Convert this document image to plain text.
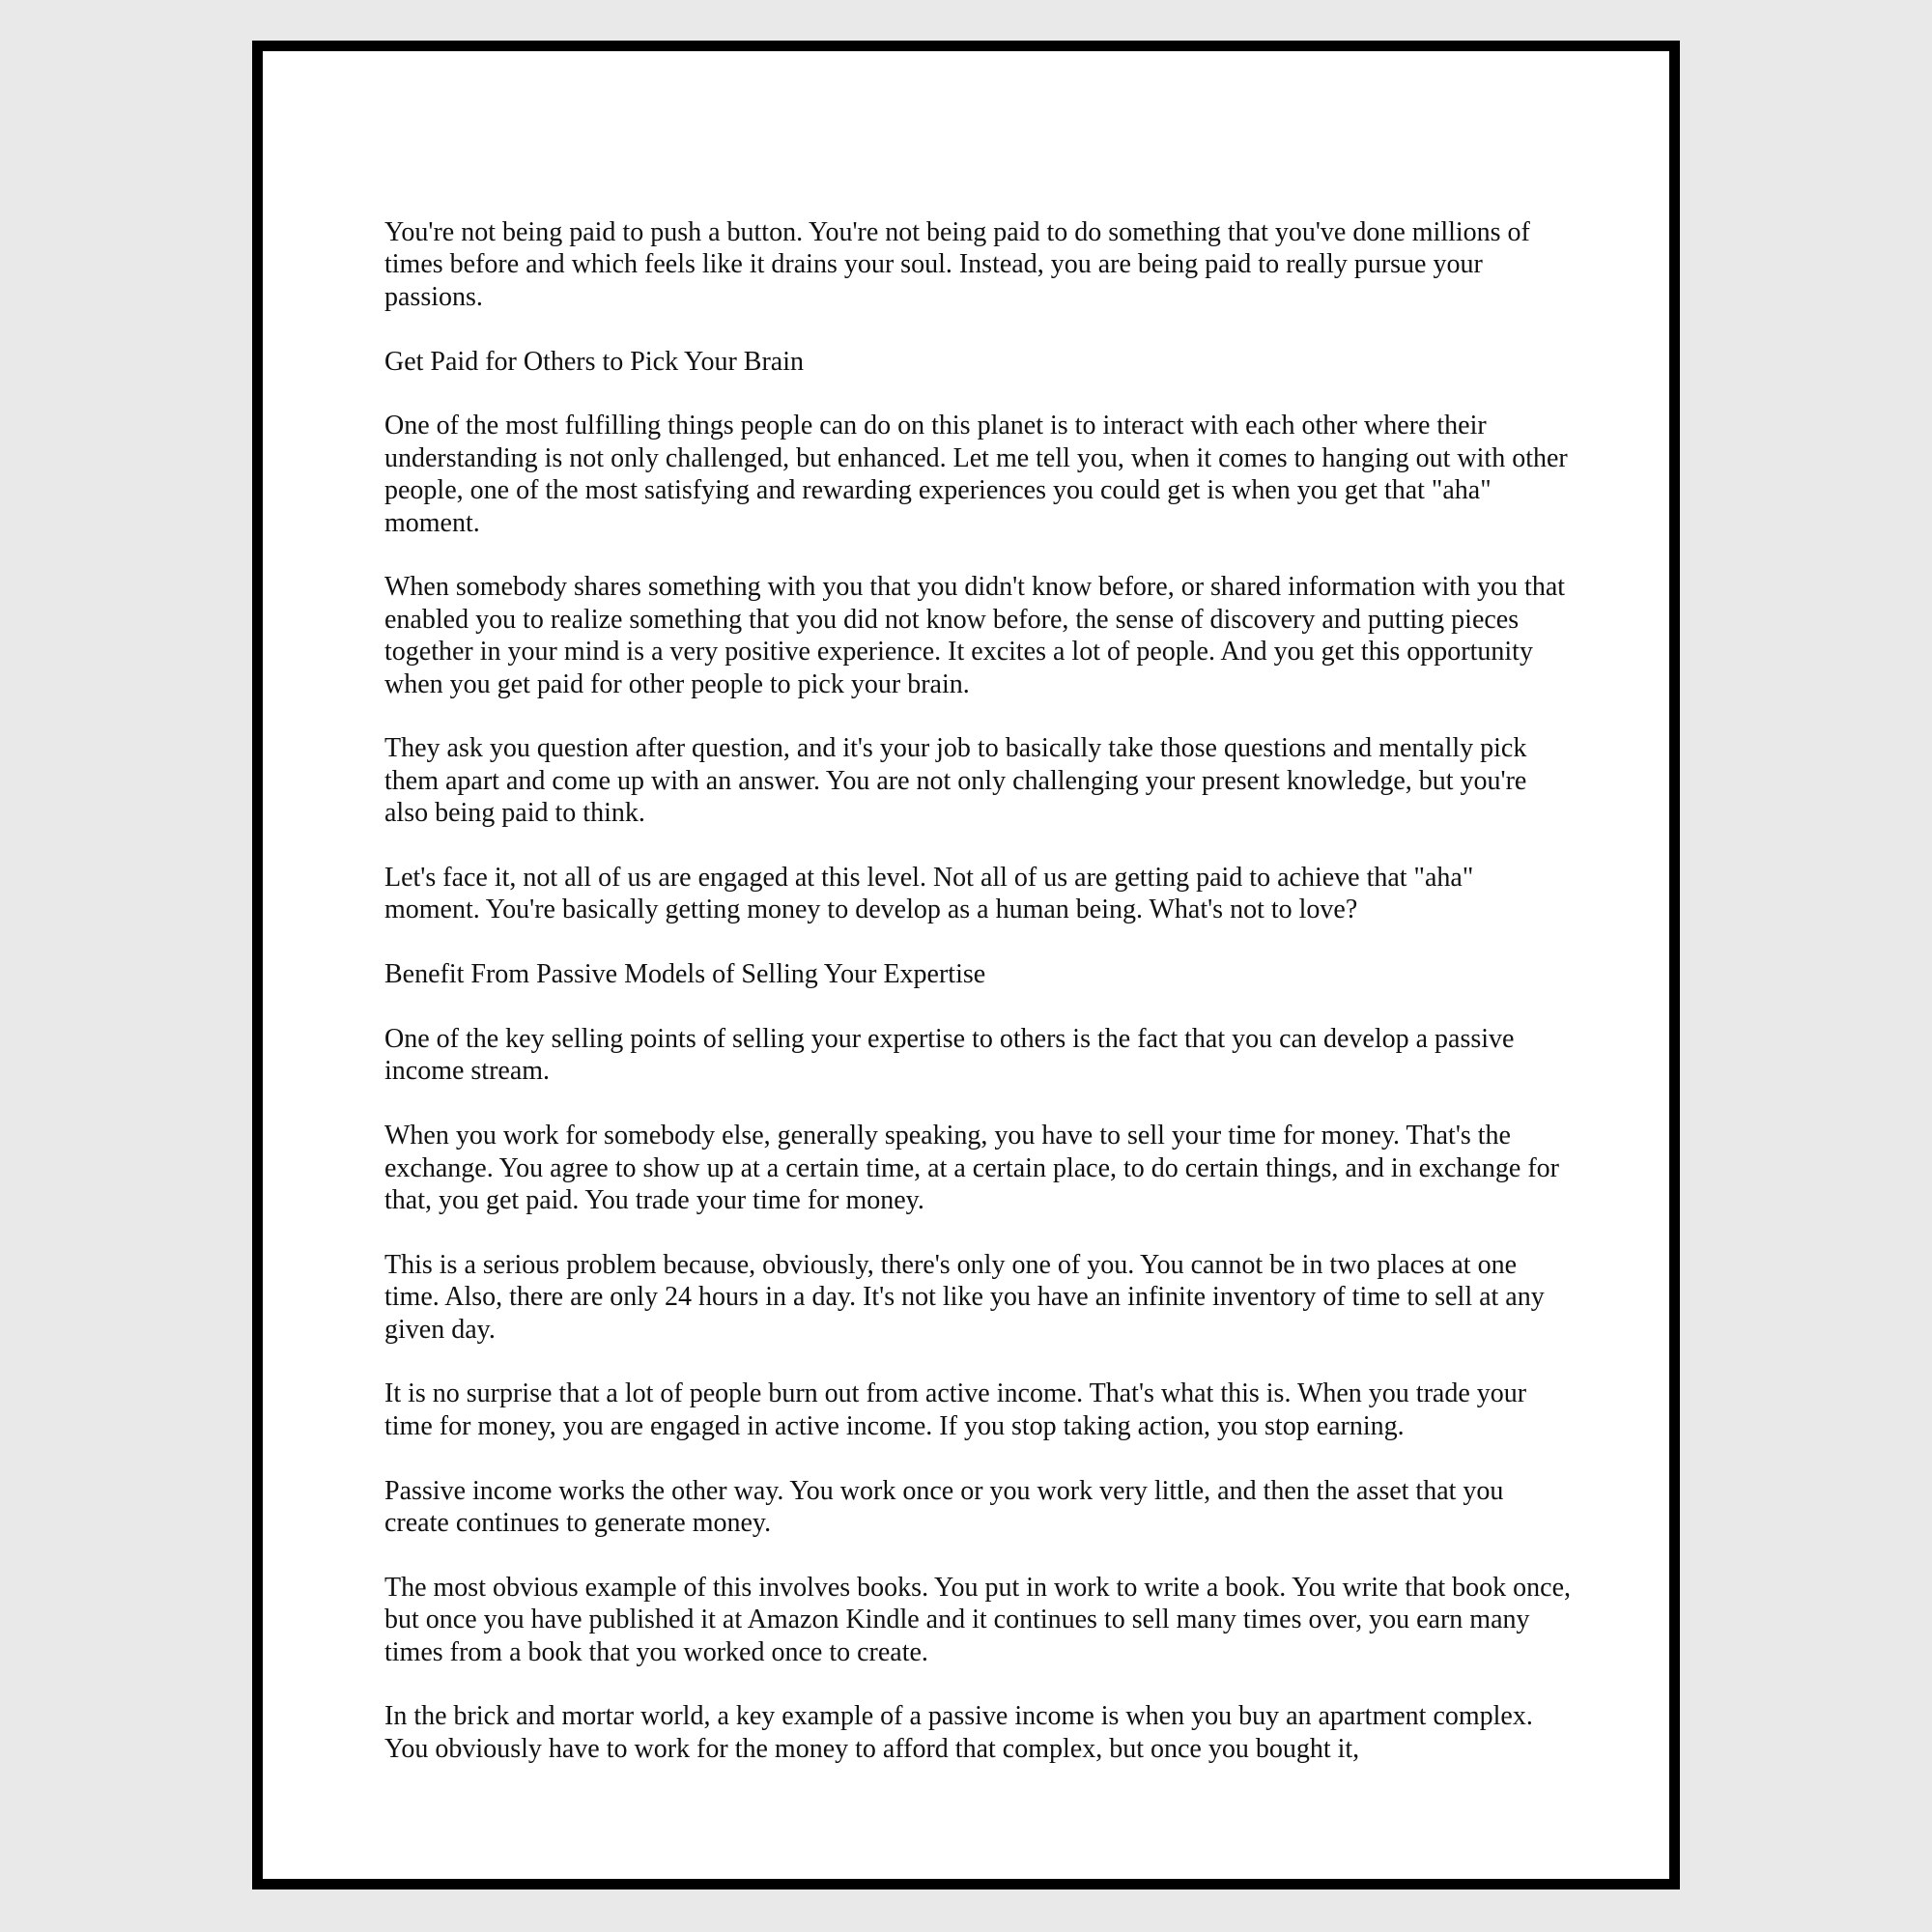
You're not being paid to push a button. You're not being paid to do something that you've done millions of times before and which feels like it drains your soul. Instead, you are being paid to really pursue your passions.

Get Paid for Others to Pick Your Brain

One of the most fulfilling things people can do on this planet is to interact with each other where their understanding is not only challenged, but enhanced. Let me tell you, when it comes to hanging out with other people, one of the most satisfying and rewarding experiences you could get is when you get that "aha" moment.

When somebody shares something with you that you didn't know before, or shared information with you that enabled you to realize something that you did not know before, the sense of discovery and putting pieces together in your mind is a very positive experience. It excites a lot of people. And you get this opportunity when you get paid for other people to pick your brain.

They ask you question after question, and it's your job to basically take those questions and mentally pick them apart and come up with an answer. You are not only challenging your present knowledge, but you're also being paid to think.

Let's face it, not all of us are engaged at this level. Not all of us are getting paid to achieve that "aha" moment. You're basically getting money to develop as a human being. What's not to love?

Benefit From Passive Models of Selling Your Expertise

One of the key selling points of selling your expertise to others is the fact that you can develop a passive income stream.

When you work for somebody else, generally speaking, you have to sell your time for money. That's the exchange. You agree to show up at a certain time, at a certain place, to do certain things, and in exchange for that, you get paid. You trade your time for money.

This is a serious problem because, obviously, there's only one of you. You cannot be in two places at one time. Also, there are only 24 hours in a day. It's not like you have an infinite inventory of time to sell at any given day.

It is no surprise that a lot of people burn out from active income. That's what this is. When you trade your time for money, you are engaged in active income. If you stop taking action, you stop earning.

Passive income works the other way. You work once or you work very little, and then the asset that you create continues to generate money.

The most obvious example of this involves books. You put in work to write a book. You write that book once, but once you have published it at Amazon Kindle and it continues to sell many times over, you earn many times from a book that you worked once to create.

In the brick and mortar world, a key example of a passive income is when you buy an apartment complex. You obviously have to work for the money to afford that complex, but once you bought it,
